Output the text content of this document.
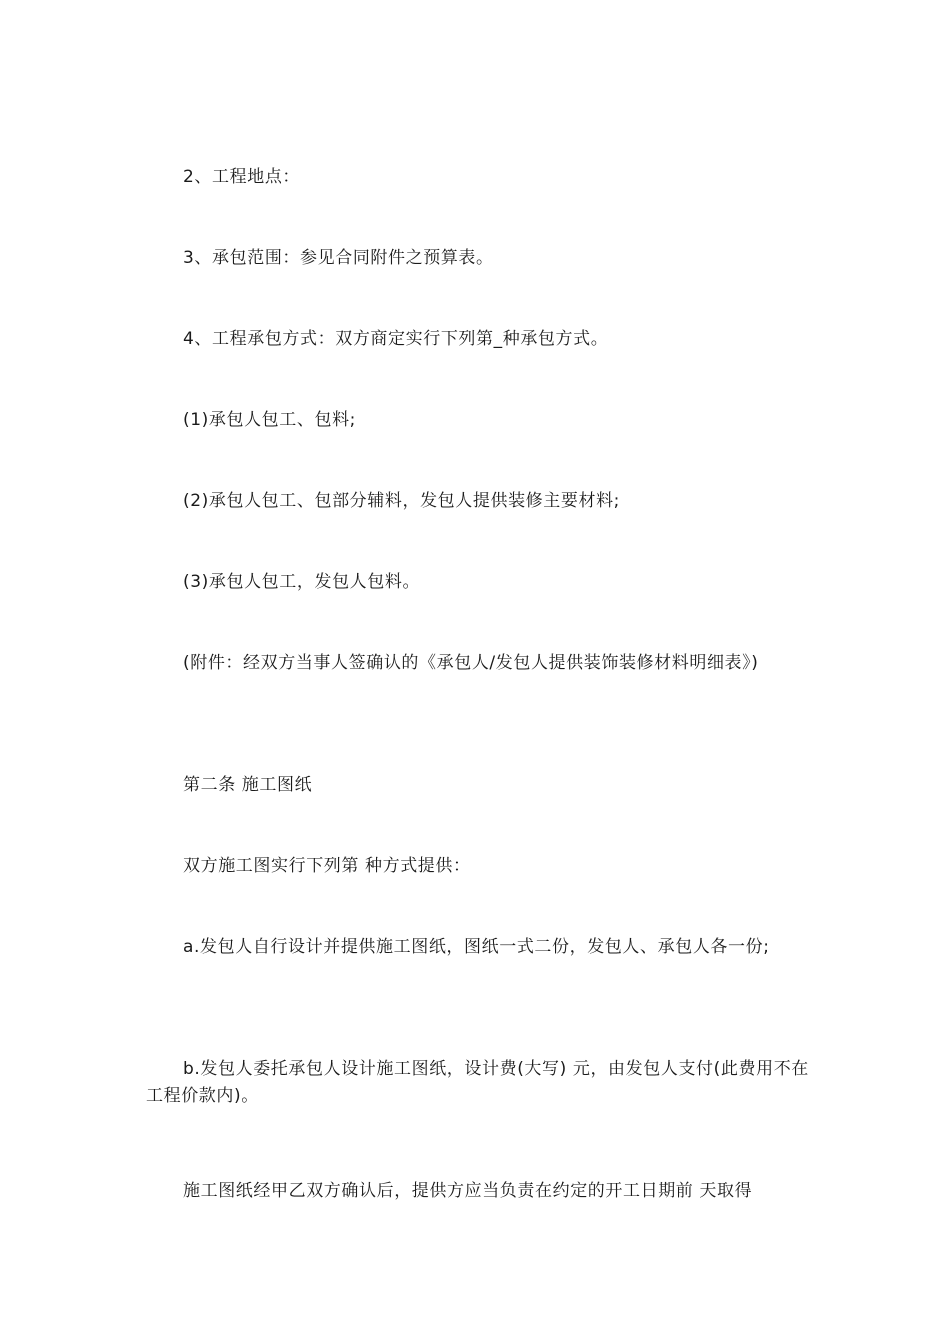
2、工程地点：

3、承包范围：参见合同附件之预算表。

4、工程承包方式：双方商定实行下列第_种承包方式。

(1)承包人包工、包料;

(2)承包人包工、包部分辅料，发包人提供装修主要材料;

(3)承包人包工，发包人包料。

(附件：经双方当事人签确认的《承包人/发包人提供装饰装修材料明细表》)

第二条 施工图纸

双方施工图实行下列第 种方式提供：

a.发包人自行设计并提供施工图纸，图纸一式二份，发包人、承包人各一份;

b.发包人委托承包人设计施工图纸，设计费(大写) 元，由发包人支付(此费用不在工程价款内)。

施工图纸经甲乙双方确认后，提供方应当负责在约定的开工日期前 天取得
